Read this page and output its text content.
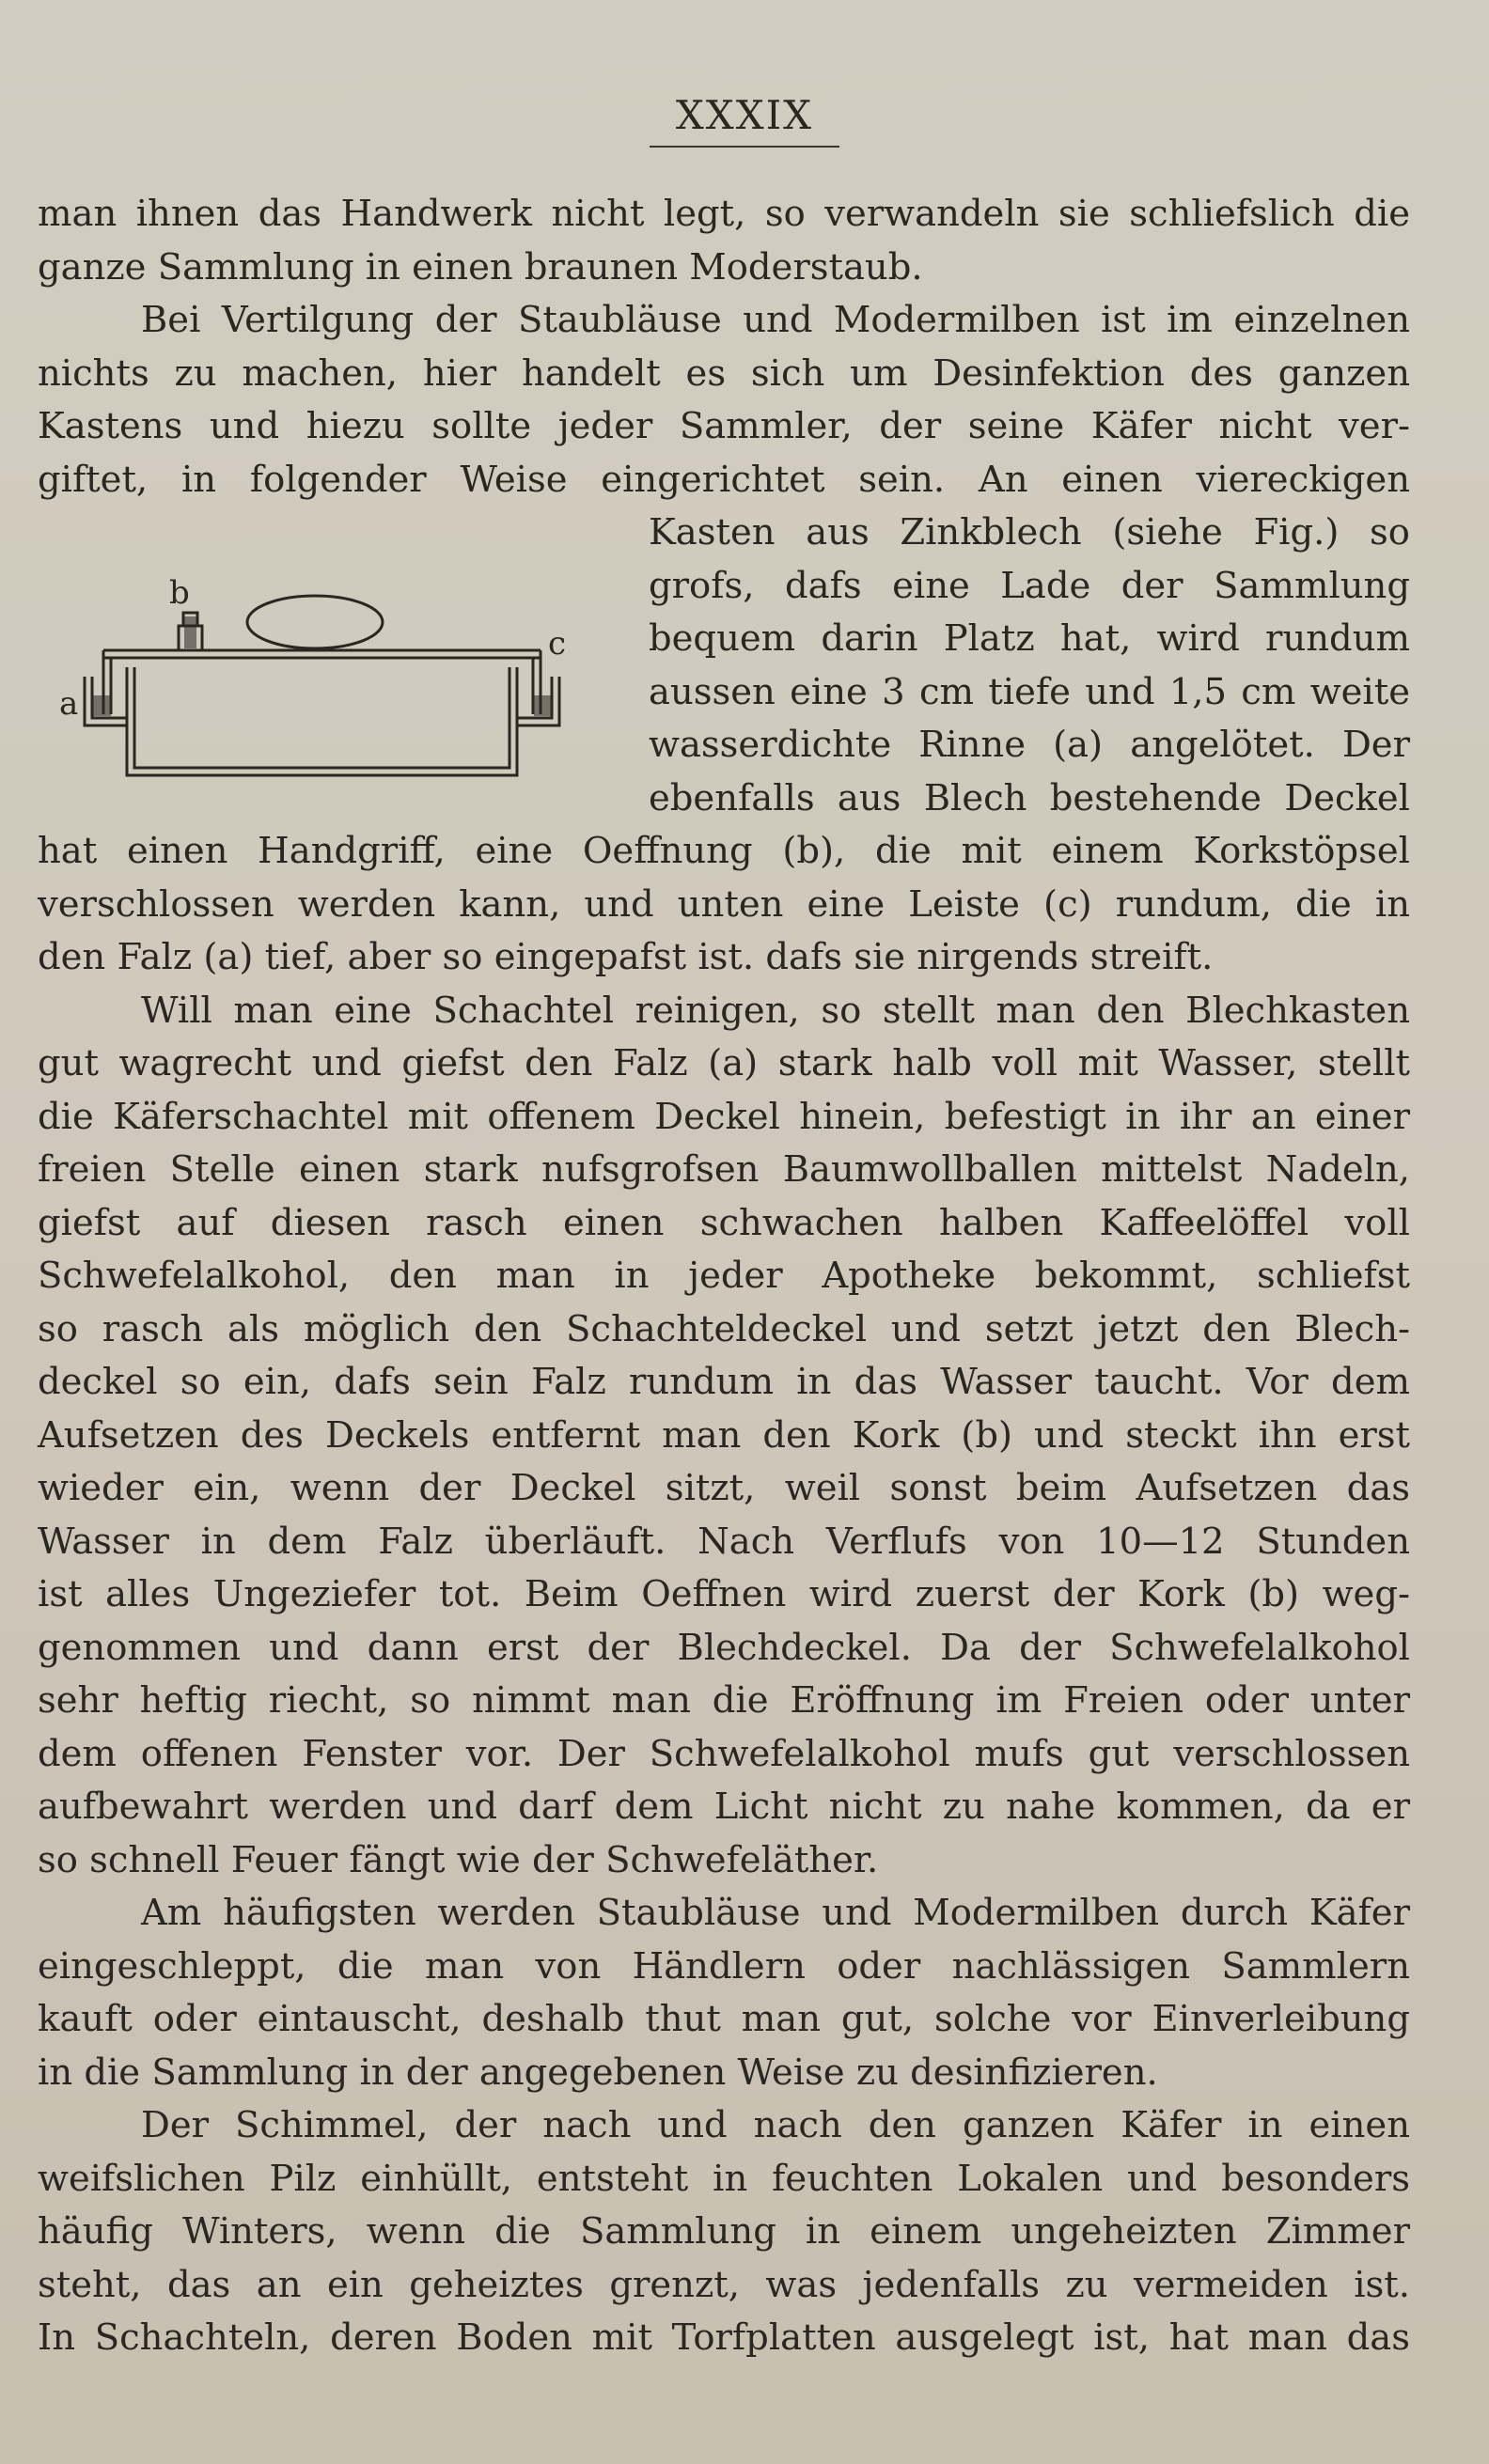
XXXIX
b
c
a
man ihnen das Handwerk nicht legt, so verwandeln sie schliefslich die
ganze Sammlung in einen braunen Moderstaub.
Bei Vertilgung der Staubläuse und Modermilben ist im einzelnen
nichts zu machen, hier handelt es sich um Desinfektion des ganzen
Kastens und hiezu sollte jeder Sammler, der seine Käfer nicht ver-
giftet, in folgender Weise eingerichtet sein. An einen viereckigen
Kasten aus Zinkblech (siehe Fig.) so
grofs, dafs eine Lade der Sammlung
bequem darin Platz hat, wird rundum
aussen eine 3 cm tiefe und 1,5 cm weite
wasserdichte Rinne (a) angelötet. Der
ebenfalls aus Blech bestehende Deckel
hat einen Handgriff, eine Oeffnung (b), die mit einem Korkstöpsel
verschlossen werden kann, und unten eine Leiste (c) rundum, die in
den Falz (a) tief, aber so eingepafst ist. dafs sie nirgends streift.
Will man eine Schachtel reinigen, so stellt man den Blechkasten
gut wagrecht und giefst den Falz (a) stark halb voll mit Wasser, stellt
die Käferschachtel mit offenem Deckel hinein, befestigt in ihr an einer
freien Stelle einen stark nufsgrofsen Baumwollballen mittelst Nadeln,
giefst auf diesen rasch einen schwachen halben Kaffeelöffel voll
Schwefelalkohol, den man in jeder Apotheke bekommt, schliefst
so rasch als möglich den Schachteldeckel und setzt jetzt den Blech-
deckel so ein, dafs sein Falz rundum in das Wasser taucht. Vor dem
Aufsetzen des Deckels entfernt man den Kork (b) und steckt ihn erst
wieder ein, wenn der Deckel sitzt, weil sonst beim Aufsetzen das
Wasser in dem Falz überläuft. Nach Verflufs von 10—12 Stunden
ist alles Ungeziefer tot. Beim Oeffnen wird zuerst der Kork (b) weg-
genommen und dann erst der Blechdeckel. Da der Schwefelalkohol
sehr heftig riecht, so nimmt man die Eröffnung im Freien oder unter
dem offenen Fenster vor. Der Schwefelalkohol mufs gut verschlossen
aufbewahrt werden und darf dem Licht nicht zu nahe kommen, da er
so schnell Feuer fängt wie der Schwefeläther.
Am häufigsten werden Staubläuse und Modermilben durch Käfer
eingeschleppt, die man von Händlern oder nachlässigen Sammlern
kauft oder eintauscht, deshalb thut man gut, solche vor Einverleibung
in die Sammlung in der angegebenen Weise zu desinfizieren.
Der Schimmel, der nach und nach den ganzen Käfer in einen
weifslichen Pilz einhüllt, entsteht in feuchten Lokalen und besonders
häufig Winters, wenn die Sammlung in einem ungeheizten Zimmer
steht, das an ein geheiztes grenzt, was jedenfalls zu vermeiden ist.
In Schachteln, deren Boden mit Torfplatten ausgelegt ist, hat man das
